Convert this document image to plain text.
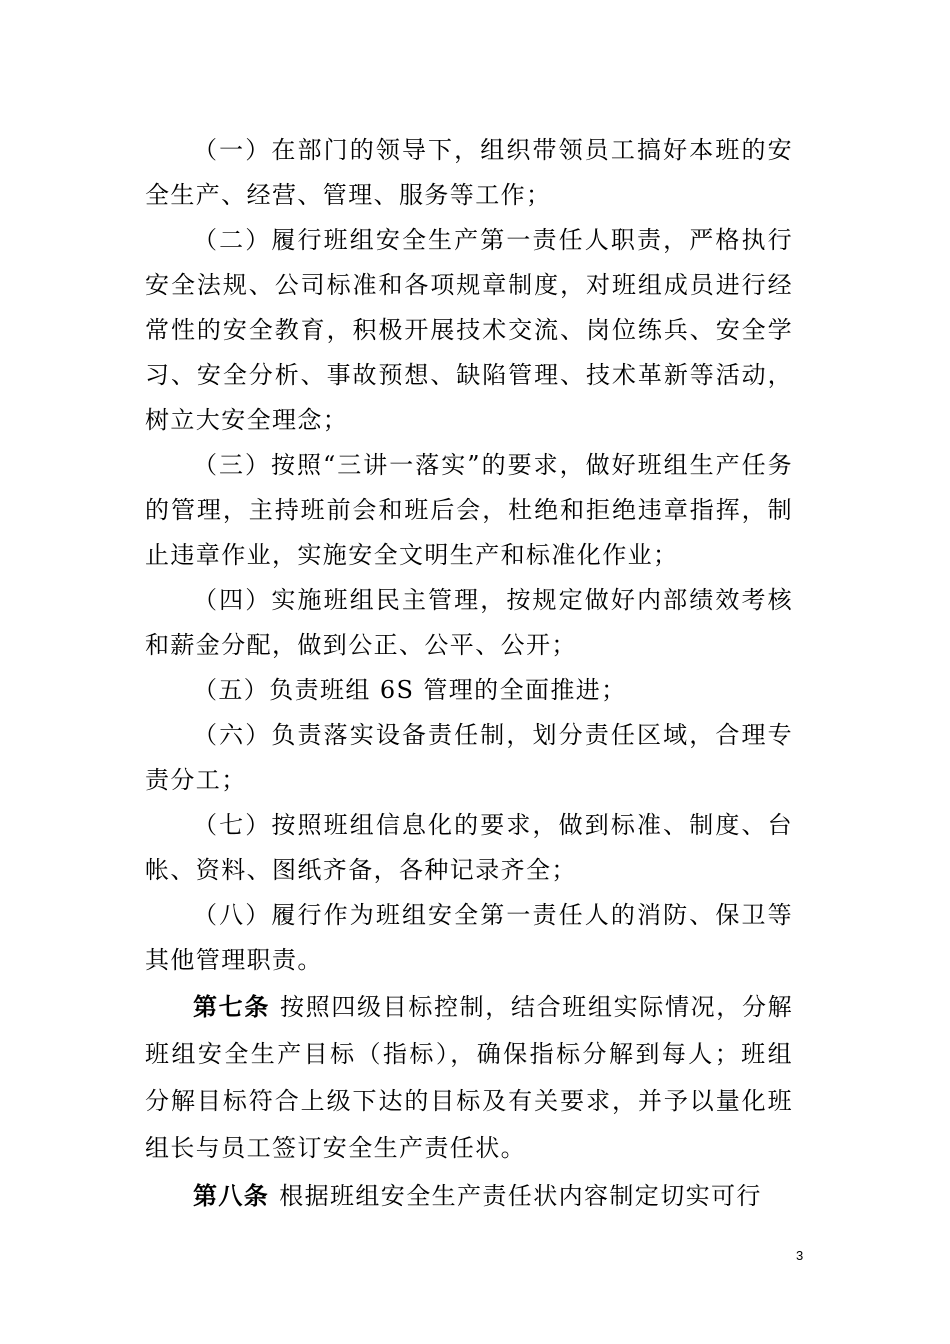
（一）在部门的领导下，组织带领员工搞好本班的安全生产、经营、管理、服务等工作；

（二）履行班组安全生产第一责任人职责，严格执行安全法规、公司标准和各项规章制度，对班组成员进行经常性的安全教育，积极开展技术交流、岗位练兵、安全学习、安全分析、事故预想、缺陷管理、技术革新等活动，树立大安全理念；

（三）按照“三讲一落实”的要求，做好班组生产任务的管理，主持班前会和班后会，杜绝和拒绝违章指挥，制止违章作业，实施安全文明生产和标准化作业；

（四）实施班组民主管理，按规定做好内部绩效考核和薪金分配，做到公正、公平、公开；

（五）负责班组 6S 管理的全面推进；

（六）负责落实设备责任制，划分责任区域，合理专责分工；

（七）按照班组信息化的要求，做到标准、制度、台帐、资料、图纸齐备，各种记录齐全；

（八）履行作为班组安全第一责任人的消防、保卫等其他管理职责。

第七条 按照四级目标控制，结合班组实际情况，分解班组安全生产目标（指标），确保指标分解到每人；班组分解目标符合上级下达的目标及有关要求，并予以量化班组长与员工签订安全生产责任状。

第八条 根据班组安全生产责任状内容制定切实可行

3
